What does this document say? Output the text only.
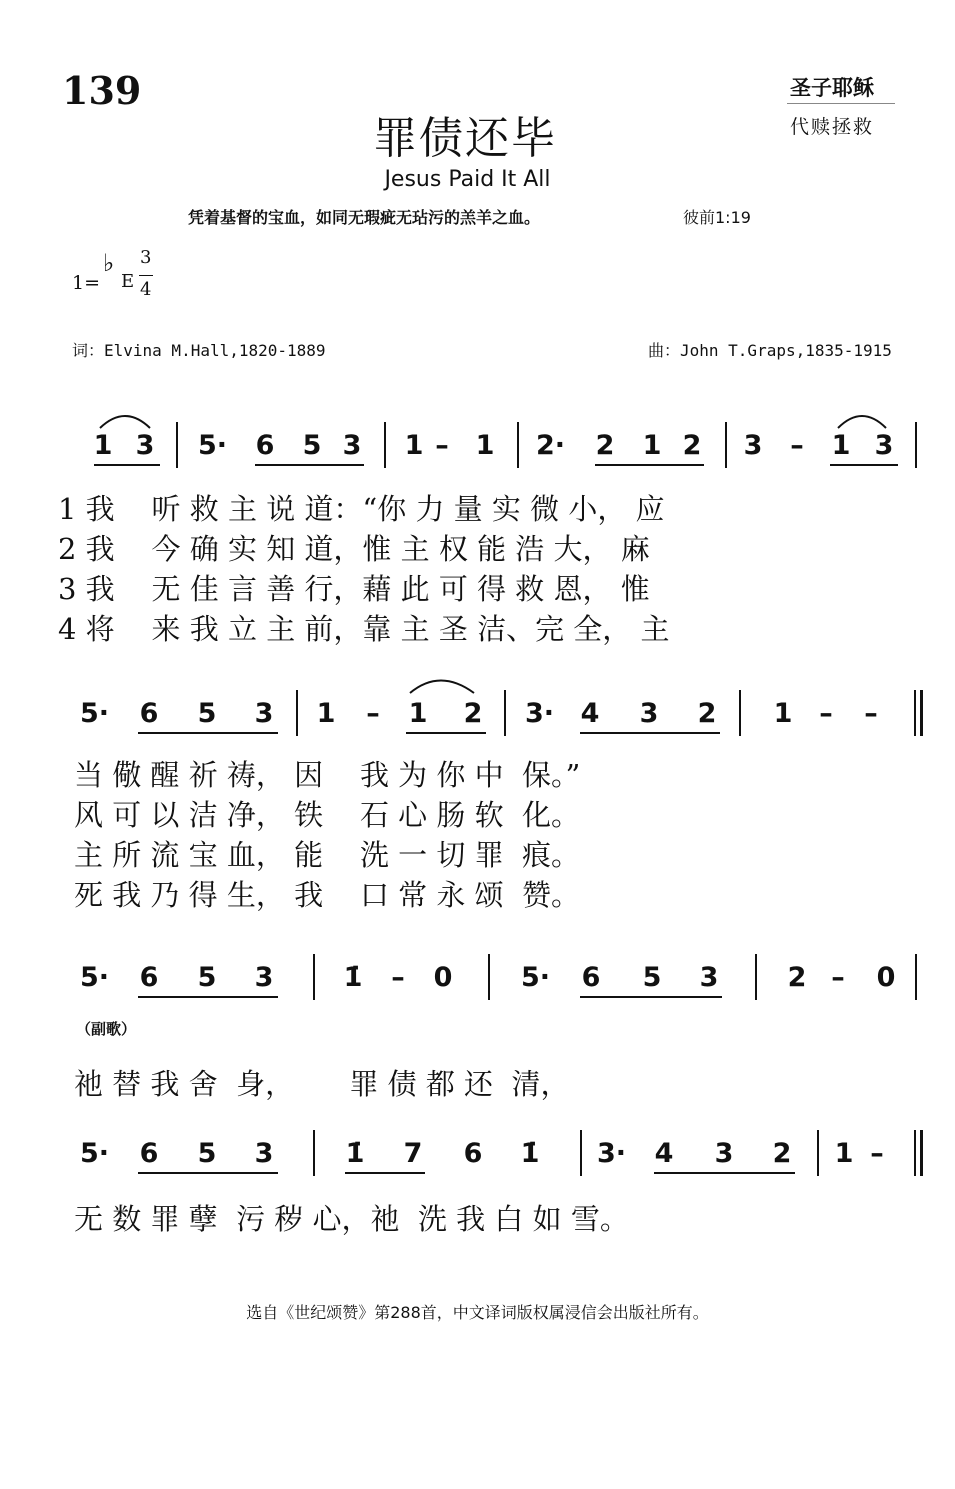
139	圣子耶稣
代赎拯救
罪债还毕
Jesus Paid It All
凭着基督的宝血，如同无瑕疵无玷污的羔羊之血。	彼前1:19
1=
♭
E
3
4
词：Elvina M.Hall,1820-1889	曲：John T.Graps,1835-1915
1 3 5· 6 5 3 1 – 1 2· 2 1 2 3 – 1 3
5· 6 5 3 1 – 1 2 3· 4 3 2 1 – –
5· 6 5 3	1̇ – 0	5· 6 5 3	2 – 0
5· 6 5 3	1̇ 7 6 1̇ 3· 4 3 2 1 –
1 我    听 救 主 说 道：“你 力 量 实 微 小， 应
2 我    今 确 实 知 道，惟 主 权 能 浩 大， 麻
3 我    无 佳 言 善 行，藉 此 可 得 救 恩， 惟
4 将    来 我 立 主 前，靠 主 圣 洁、完 全， 主
当 儆 醒 祈 祷， 因    我 为 你 中  保。”
风 可 以 洁 净， 铁    石 心 肠 软  化。
主 所 流 宝 血， 能    洗 一 切 罪  痕。
死 我 乃 得 生， 我    口 常 永 颂  赞。
（副歌）
祂 替 我 舍  身，      罪 债 都 还  清，
无 数 罪 孽  污 秽 心，祂  洗 我 白 如 雪。
选自《世纪颂赞》第288首，中文译词版权属浸信会出版社所有。
